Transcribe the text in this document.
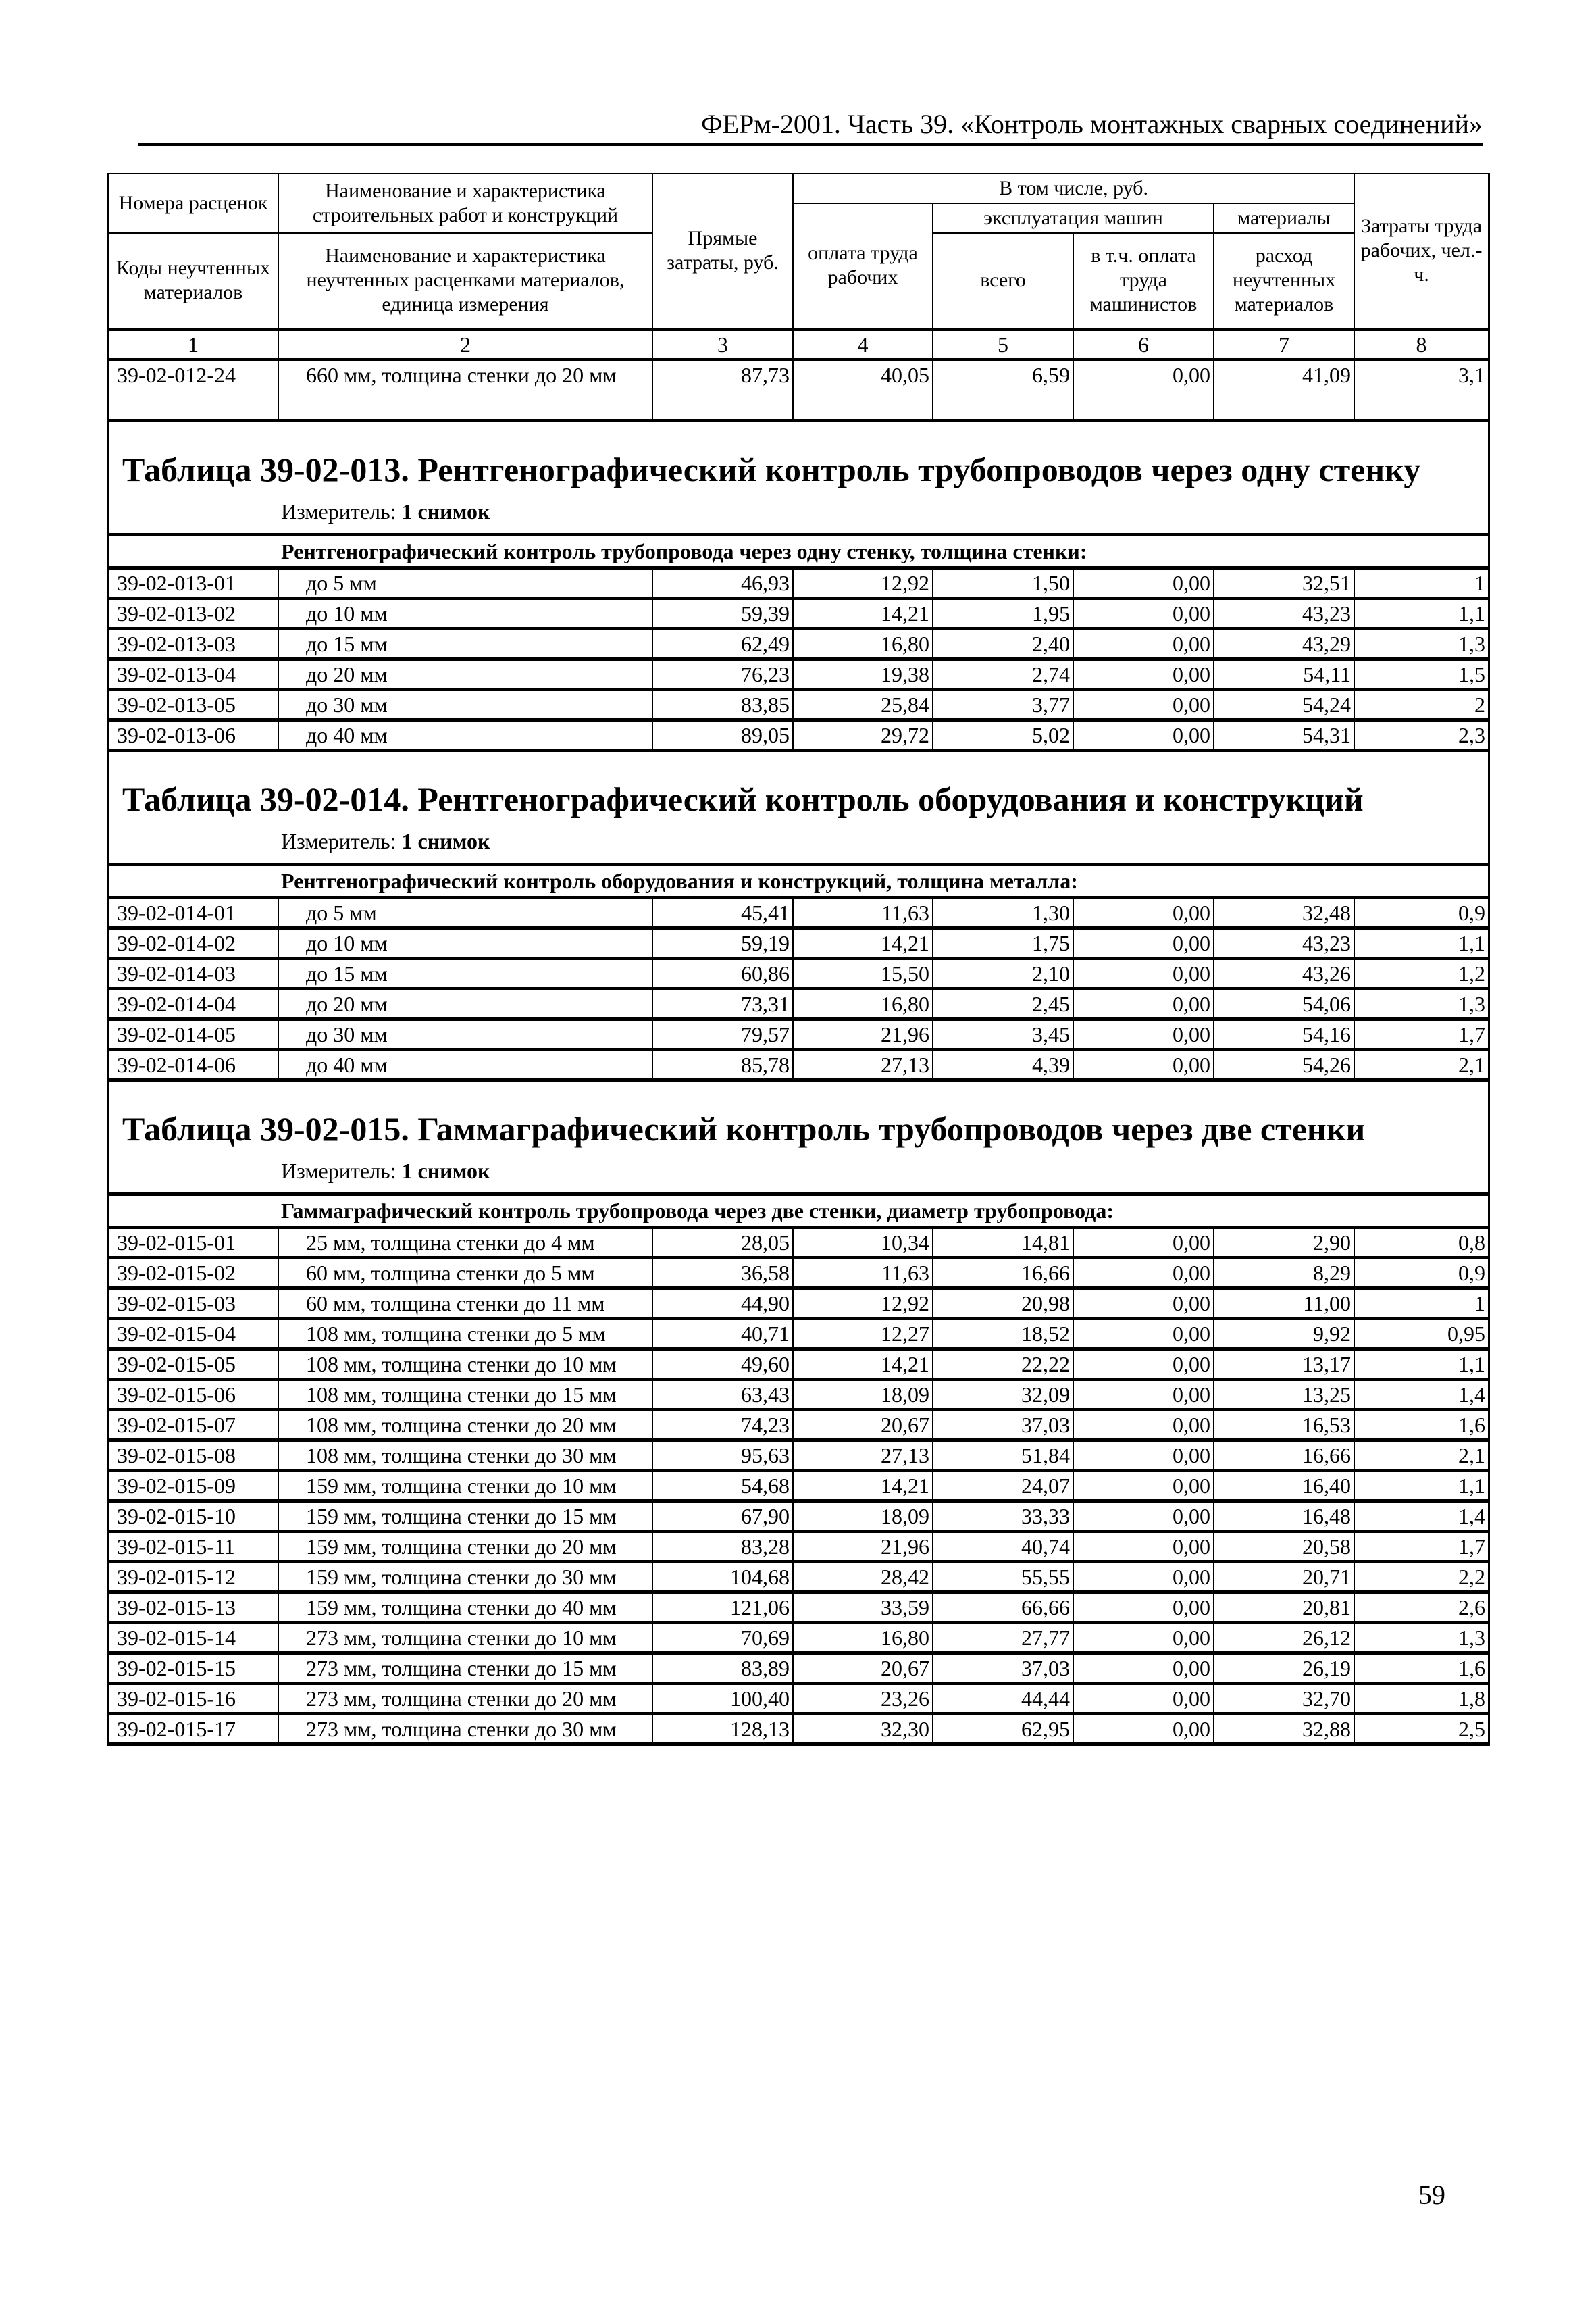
ФЕРм-2001. Часть 39. «Контроль монтажных сварных соединений»
Номера расценок	Наименование и характеристика строительных работ и конструкций	Прямые затраты, руб.	В том числе, руб.				Затраты труда рабочих, чел.-ч.
			оплата труда рабочих	эксплуатация машин		материалы	
Коды неучтенных материалов	Наименование и характеристика неучтенных расценками материалов, единица измерения			всего	в т.ч. оплата труда машинистов	расход неучтенных материалов	

1	2	3	4	5	6	7	8
39-02-012-24	660 мм, толщина стенки до 20 мм	87,73	40,05	6,59	0,00	41,09	3,1

Таблица 39-02-013. Рентгенографический контроль трубопроводов через одну стенку
Измеритель: 1 снимок							

Рентгенографический контроль трубопровода через одну стенку, толщина стенки:							
39-02-013-01	до 5 мм	46,93	12,92	1,50	0,00	32,51	1
39-02-013-02	до 10 мм	59,39	14,21	1,95	0,00	43,23	1,1
39-02-013-03	до 15 мм	62,49	16,80	2,40	0,00	43,29	1,3
39-02-013-04	до 20 мм	76,23	19,38	2,74	0,00	54,11	1,5
39-02-013-05	до 30 мм	83,85	25,84	3,77	0,00	54,24	2
39-02-013-06	до 40 мм	89,05	29,72	5,02	0,00	54,31	2,3

Таблица 39-02-014. Рентгенографический контроль оборудования и конструкций
Измеритель: 1 снимок							

Рентгенографический контроль оборудования и конструкций, толщина металла:							
39-02-014-01	до 5 мм	45,41	11,63	1,30	0,00	32,48	0,9
39-02-014-02	до 10 мм	59,19	14,21	1,75	0,00	43,23	1,1
39-02-014-03	до 15 мм	60,86	15,50	2,10	0,00	43,26	1,2
39-02-014-04	до 20 мм	73,31	16,80	2,45	0,00	54,06	1,3
39-02-014-05	до 30 мм	79,57	21,96	3,45	0,00	54,16	1,7
39-02-014-06	до 40 мм	85,78	27,13	4,39	0,00	54,26	2,1

Таблица 39-02-015. Гаммаграфический контроль трубопроводов через две стенки
Измеритель: 1 снимок							

Гаммаграфический контроль трубопровода через две стенки, диаметр трубопровода:							
39-02-015-01	25 мм, толщина стенки до 4 мм	28,05	10,34	14,81	0,00	2,90	0,8
39-02-015-02	60 мм, толщина стенки до 5 мм	36,58	11,63	16,66	0,00	8,29	0,9
39-02-015-03	60 мм, толщина стенки до 11 мм	44,90	12,92	20,98	0,00	11,00	1
39-02-015-04	108 мм, толщина стенки до 5 мм	40,71	12,27	18,52	0,00	9,92	0,95
39-02-015-05	108 мм, толщина стенки до 10 мм	49,60	14,21	22,22	0,00	13,17	1,1
39-02-015-06	108 мм, толщина стенки до 15 мм	63,43	18,09	32,09	0,00	13,25	1,4
39-02-015-07	108 мм, толщина стенки до 20 мм	74,23	20,67	37,03	0,00	16,53	1,6
39-02-015-08	108 мм, толщина стенки до 30 мм	95,63	27,13	51,84	0,00	16,66	2,1
39-02-015-09	159 мм, толщина стенки до 10 мм	54,68	14,21	24,07	0,00	16,40	1,1
39-02-015-10	159 мм, толщина стенки до 15 мм	67,90	18,09	33,33	0,00	16,48	1,4
39-02-015-11	159 мм, толщина стенки до 20 мм	83,28	21,96	40,74	0,00	20,58	1,7
39-02-015-12	159 мм, толщина стенки до 30 мм	104,68	28,42	55,55	0,00	20,71	2,2
39-02-015-13	159 мм, толщина стенки до 40 мм	121,06	33,59	66,66	0,00	20,81	2,6
39-02-015-14	273 мм, толщина стенки до 10 мм	70,69	16,80	27,77	0,00	26,12	1,3
39-02-015-15	273 мм, толщина стенки до 15 мм	83,89	20,67	37,03	0,00	26,19	1,6
39-02-015-16	273 мм, толщина стенки до 20 мм	100,40	23,26	44,44	0,00	32,70	1,8
39-02-015-17	273 мм, толщина стенки до 30 мм	128,13	32,30	62,95	0,00	32,88	2,5
59
